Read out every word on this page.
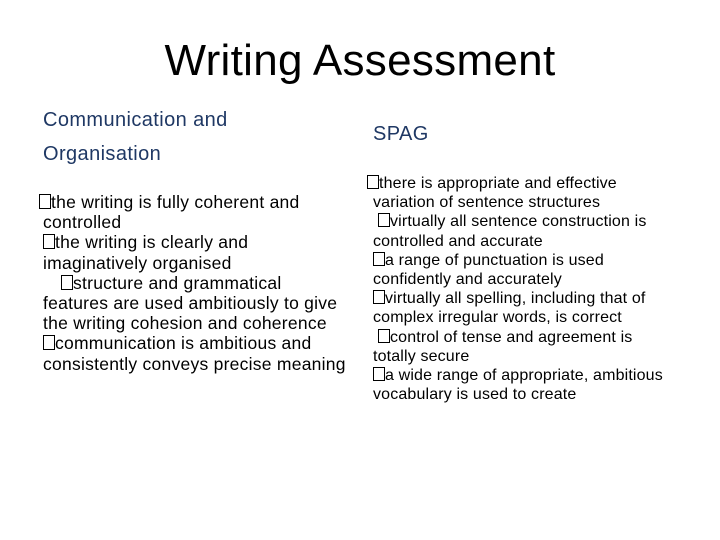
Writing Assessment
Communication and Organisation
the writing is fully coherent and controlled
the writing is clearly and imaginatively organised
structure and grammatical features are used ambitiously to give the writing cohesion and coherence
communication is ambitious and consistently conveys precise meaning
SPAG
there is appropriate and effective variation of sentence structures
virtually all sentence construction is controlled and accurate
a range of punctuation is used confidently and accurately
virtually all spelling, including that of complex irregular words, is correct
control of tense and agreement is totally secure
a wide range of appropriate, ambitious vocabulary is used to create
